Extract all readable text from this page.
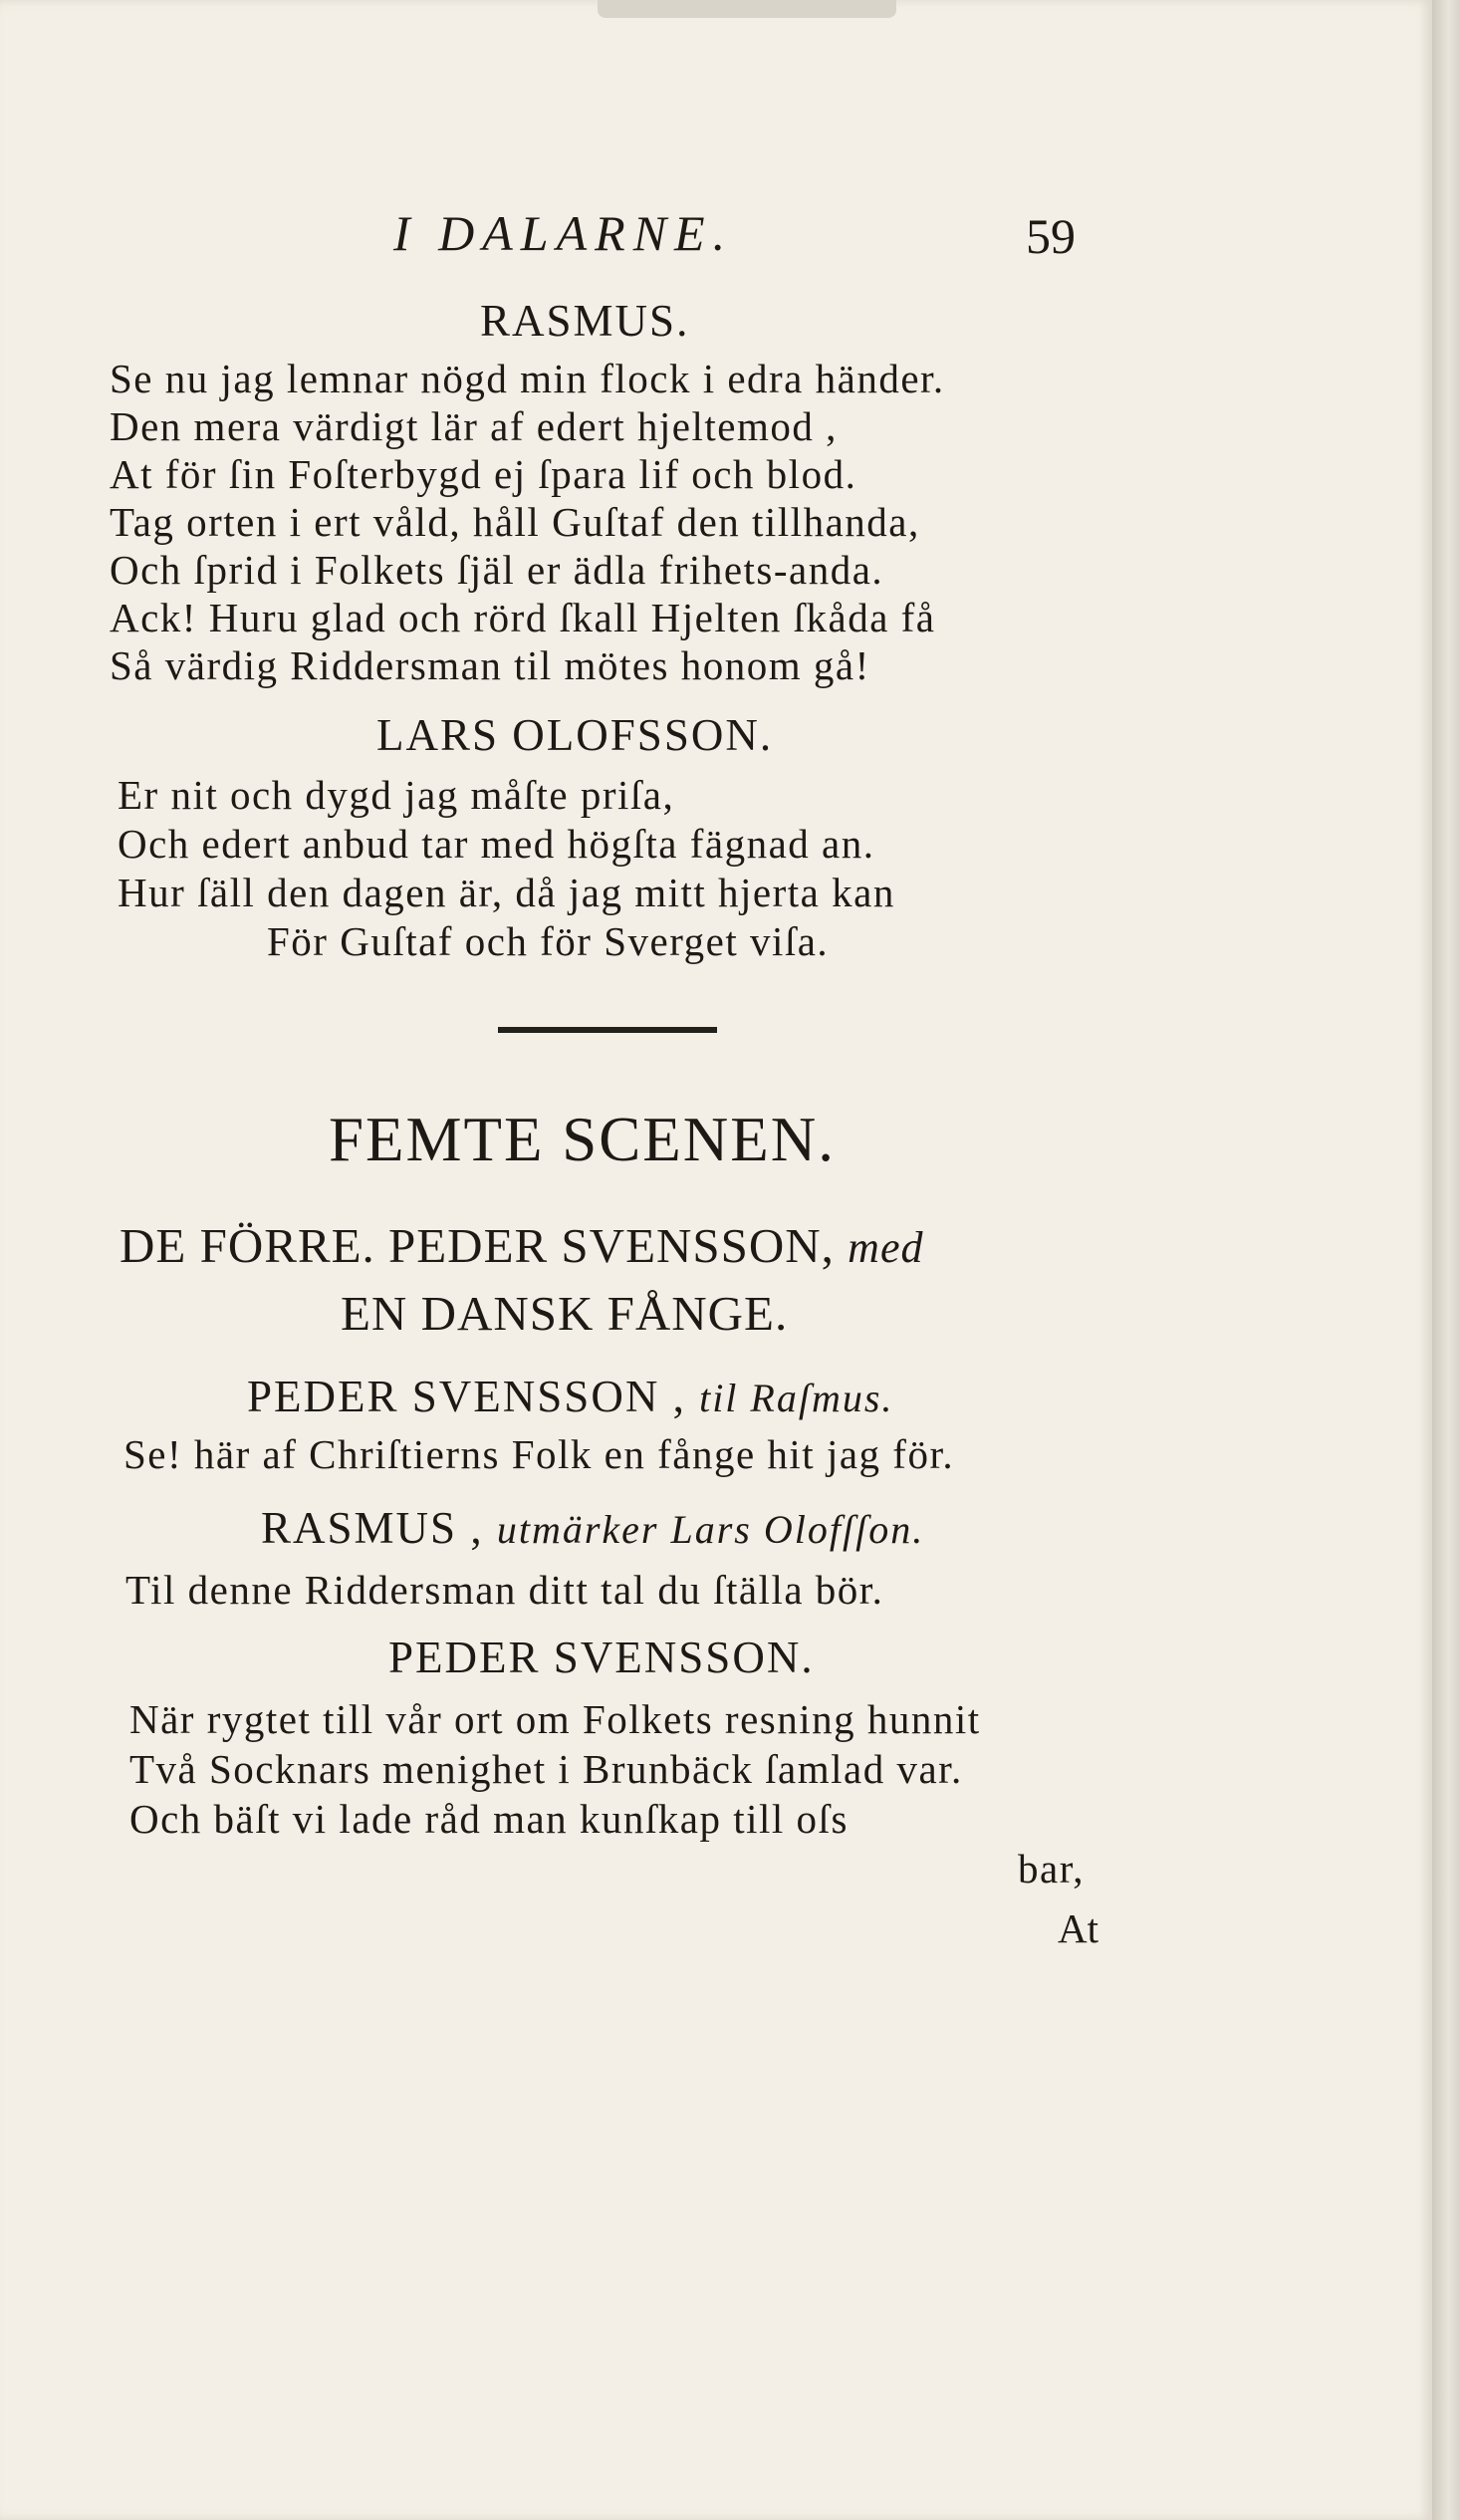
I DALARNE.	59
RASMUS.
Se nu jag lemnar nögd min flock i edra händer.
Den mera värdigt lär af edert hjeltemod ,
At för ſin Foſterbygd ej ſpara lif och blod.
Tag orten i ert våld, håll Guſtaf den tillhanda,
Och ſprid i Folkets ſjäl er ädla frihets-anda.
Ack! Huru glad och rörd ſkall Hjelten ſkåda få
Så värdig Riddersman til mötes honom gå!
LARS OLOFSSON.
Er nit och dygd jag måſte priſa,
Och edert anbud tar med högſta fägnad an.
Hur ſäll den dagen är, då jag mitt hjerta kan
För Guſtaf och för Sverget viſa.
FEMTE SCENEN.
DE FÖRRE. PEDER SVENSSON, med
EN DANSK FÅNGE.
PEDER SVENSSON , til Raſmus.
Se! här af Chriſtierns Folk en fånge hit jag för.
RASMUS , utmärker Lars Olofſſon.
Til denne Riddersman ditt tal du ſtälla bör.
PEDER SVENSSON.
När rygtet till vår ort om Folkets resning hunnit
Två Socknars menighet i Brunbäck ſamlad var.
Och bäſt vi lade råd man kunſkap till oſs
bar,
At
